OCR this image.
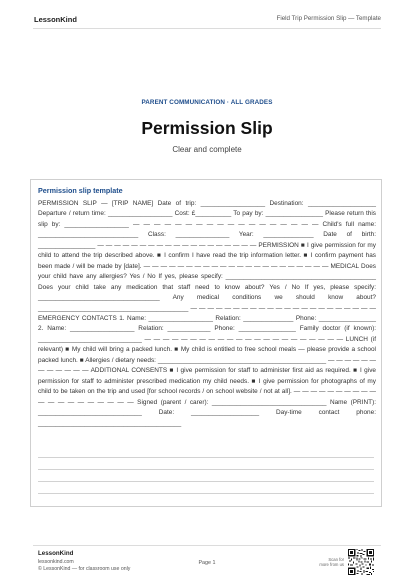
LessonKind	Field Trip Permission Slip — Template
PARENT COMMUNICATION · ALL GRADES
Permission Slip
Clear and complete
Permission slip template
PERMISSION SLIP — [TRIP NAME] Date of trip: __________________ Destination: ___________________ Departure / return time: __________________ Cost: £__________ To pay by: ________________ Please return this slip by: __________________ — — — — — — — — — — — — — — — — — — Child's full name: ____________________________ Class: _______________ Year: ______________ Date of birth: ________________ — — — — — — — — — — — — — — — — — — — PERMISSION ■ I give permission for my child to attend the trip described above. ■ I confirm I have read the trip information letter. ■ I confirm payment has been made / will be made by [date]. — — — — — — — — — — — — — — — — — — — — — — MEDICAL Does your child have any allergies? Yes / No If yes, please specify: __________________________________________ Does your child take any medication that staff need to know about? Yes / No If yes, please specify: __________________________________ Any medical conditions we should know about? __________________________________________ — — — — — — — — — — — — — — — — — — — — — — EMERGENCY CONTACTS 1. Name: __________________ Relation: ______________ Phone: ________________ 2. Name: __________________ Relation: ____________ Phone: ________________ Family doctor (if known): _____________________________ — — — — — — — — — — — — — — — — — — — — — — LUNCH (if relevant) ■ My child will bring a packed lunch. ■ My child is entitled to free school meals — please provide a school packed lunch. ■ Allergies / dietary needs: _______________________________________________ — — — — — — — — — — — — ADDITIONAL CONSENTS ■ I give permission for staff to administer first aid as required. ■ I give permission for staff to administer prescribed medication my child needs. ■ I give permission for photographs of my child to be taken on the trip and used [for school records / on school website / not at all]. — — — — — — — — — — — — — — — — — — — — Signed (parent / carer): ________________________________ Name (PRINT): _____________________________ Date: ___________________ Day-time contact phone: ________________________________________
LessonKind
lessonkind.com
© LessonKind — for classroom use only
Page 1
Scan for more from us
